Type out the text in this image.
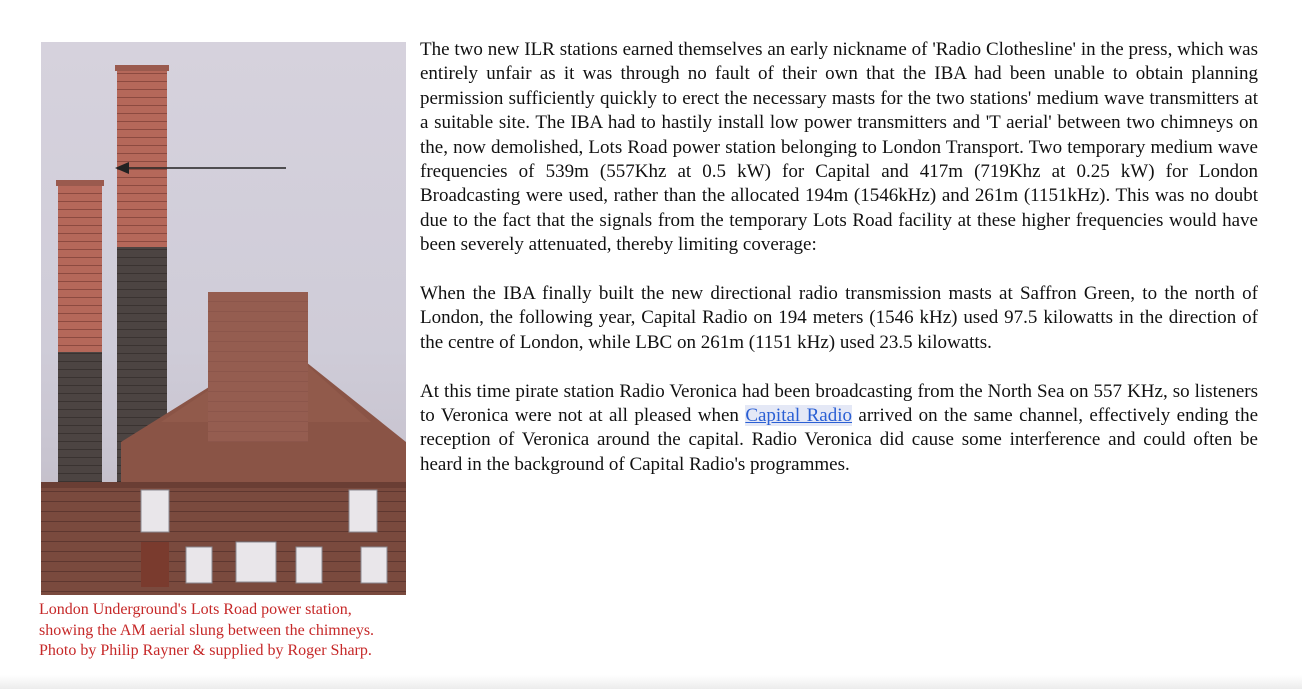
London Underground's Lots Road power station, showing the AM aerial slung between the chimneys. Photo by Philip Rayner & supplied by Roger Sharp.

The two new ILR stations earned themselves an early nickname of 'Radio Clothesline' in the press, which was entirely unfair as it was through no fault of their own that the IBA had been unable to obtain planning permission sufficiently quickly to erect the necessary masts for the two stations' medium wave transmitters at a suitable site. The IBA had to hastily install low power transmitters and 'T aerial' between two chimneys on the, now demolished, Lots Road power station belonging to London Transport. Two temporary medium wave frequencies of 539m (557Khz at 0.5 kW) for Capital and 417m (719Khz at 0.25 kW) for London Broadcasting were used, rather than the allocated 194m (1546kHz) and 261m (1151kHz). This was no doubt due to the fact that the signals from the temporary Lots Road facility at these higher frequencies would have been severely attenuated, thereby limiting coverage:

When the IBA finally built the new directional radio transmission masts at Saffron Green, to the north of London, the following year, Capital Radio on 194 meters (1546 kHz) used 97.5 kilowatts in the direction of the centre of London, while LBC on 261m (1151 kHz) used 23.5 kilowatts.

At this time pirate station Radio Veronica had been broadcasting from the North Sea on 557 KHz, so listeners to Veronica were not at all pleased when Capital Radio arrived on the same channel, effectively ending the reception of Veronica around the capital. Radio Veronica did cause some interference and could often be heard in the background of Capital Radio's programmes.
